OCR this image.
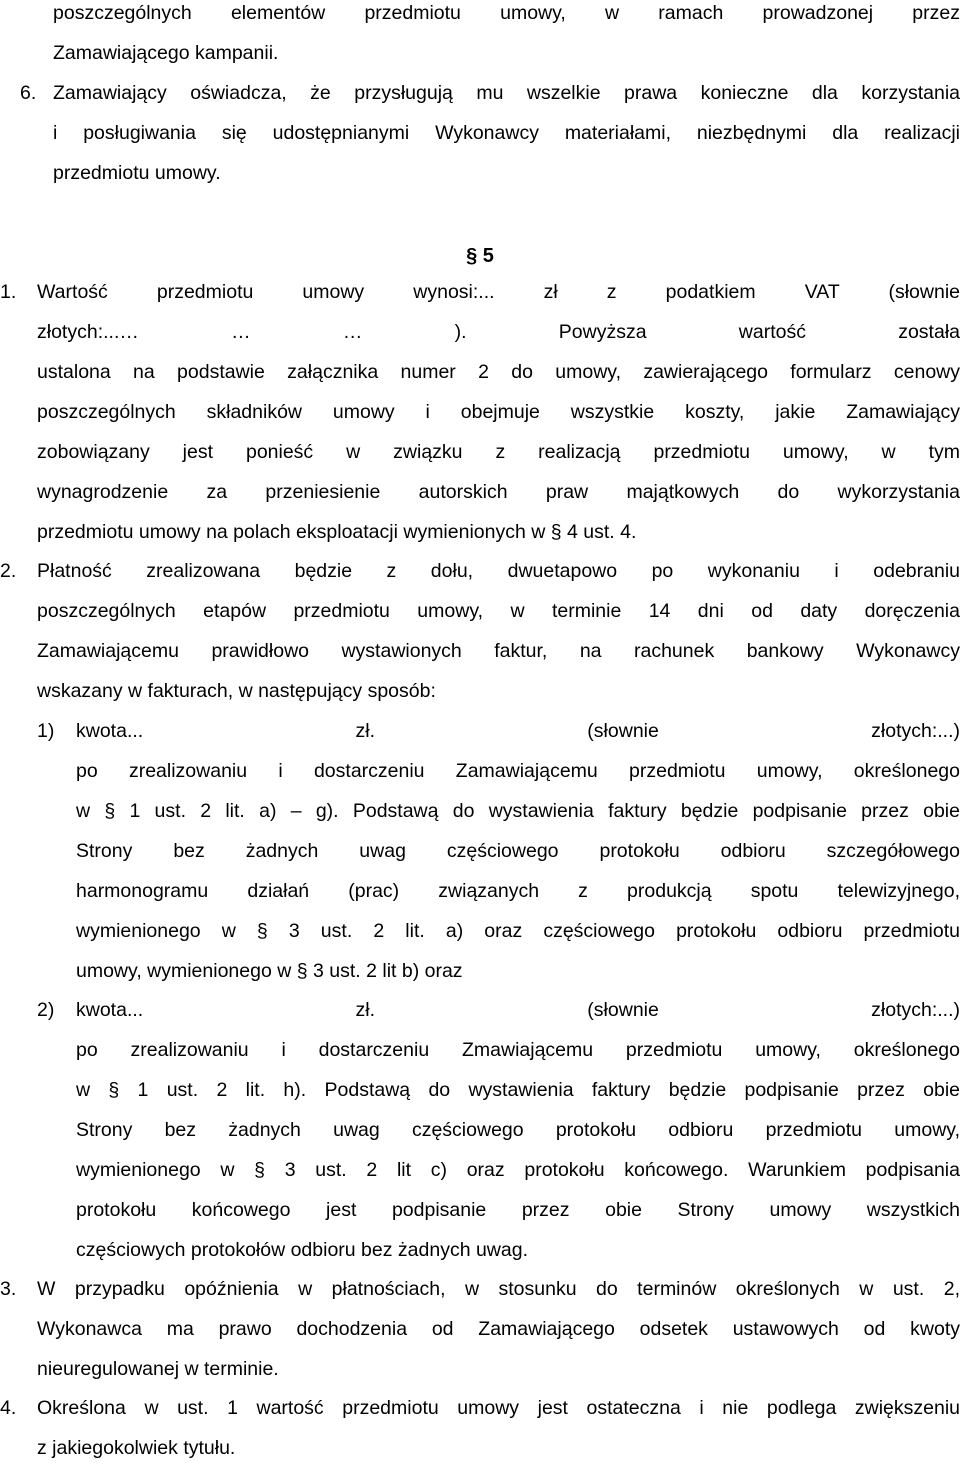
poszczególnych elementów przedmiotu umowy, w ramach prowadzonej przez

Zamawiającego kampanii.

6. Zamawiający oświadcza, że przysługują mu wszelkie prawa konieczne dla korzystania

i posługiwania się udostępnianymi Wykonawcy materiałami, niezbędnymi dla realizacji

przedmiotu umowy.

§ 5
1. Wartość przedmiotu umowy wynosi:... zł z podatkiem VAT (słownie

złotych:...… … … ). Powyższa wartość została

ustalona na podstawie załącznika numer 2 do umowy, zawierającego formularz cenowy

poszczególnych składników umowy i obejmuje wszystkie koszty, jakie Zamawiający

zobowiązany jest ponieść w związku z realizacją przedmiotu umowy, w tym

wynagrodzenie za przeniesienie autorskich praw majątkowych do wykorzystania

przedmiotu umowy na polach eksploatacji wymienionych w § 4 ust. 4.

2. Płatność zrealizowana będzie z dołu, dwuetapowo po wykonaniu i odebraniu

poszczególnych etapów przedmiotu umowy, w terminie 14 dni od daty doręczenia

Zamawiającemu prawidłowo wystawionych faktur, na rachunek bankowy Wykonawcy

wskazany w fakturach, w następujący sposób:

1) kwota... zł. (słownie złotych:...)

po zrealizowaniu i dostarczeniu Zamawiającemu przedmiotu umowy, określonego

w § 1 ust. 2 lit. a) – g). Podstawą do wystawienia faktury będzie podpisanie przez obie

Strony bez żadnych uwag częściowego protokołu odbioru szczegółowego

harmonogramu działań (prac) związanych z produkcją spotu telewizyjnego,

wymienionego w § 3 ust. 2 lit. a) oraz częściowego protokołu odbioru przedmiotu

umowy, wymienionego w § 3 ust. 2 lit b) oraz

2) kwota... zł. (słownie złotych:...)

po zrealizowaniu i dostarczeniu Zmawiającemu przedmiotu umowy, określonego

w § 1 ust. 2 lit. h). Podstawą do wystawienia faktury będzie podpisanie przez obie

Strony bez żadnych uwag częściowego protokołu odbioru przedmiotu umowy,

wymienionego w § 3 ust. 2 lit c) oraz protokołu końcowego. Warunkiem podpisania

protokołu końcowego jest podpisanie przez obie Strony umowy wszystkich

częściowych protokołów odbioru bez żadnych uwag.

3. W przypadku opóźnienia w płatnościach, w stosunku do terminów określonych w ust. 2,

Wykonawca ma prawo dochodzenia od Zamawiającego odsetek ustawowych od kwoty

nieuregulowanej w terminie.

4. Określona w ust. 1 wartość przedmiotu umowy jest ostateczna i nie podlega zwiększeniu

z jakiegokolwiek tytułu.
